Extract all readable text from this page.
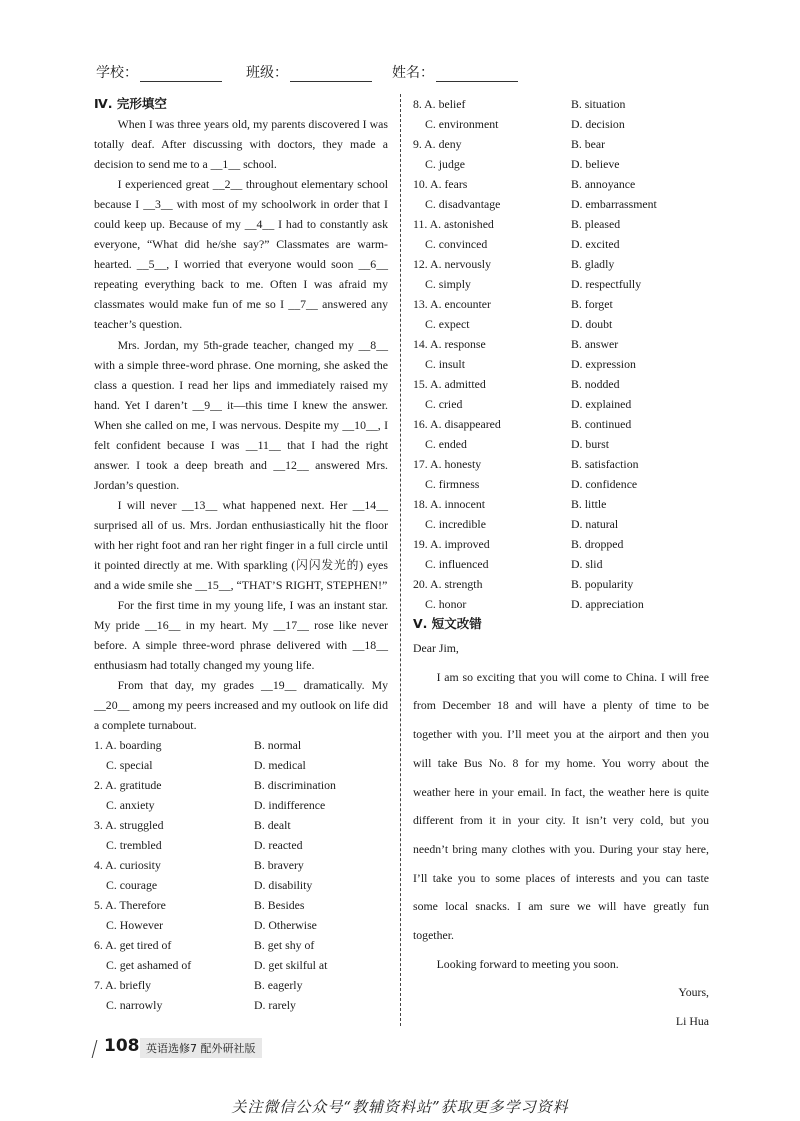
学校：	班级：	姓名：
Ⅳ. 完形填空

When I was three years old, my parents discovered I was totally deaf. After discussing with doctors, they made a decision to send me to a __1__ school.

I experienced great __2__ throughout elementary school because I __3__ with most of my schoolwork in order that I could keep up. Because of my __4__ I had to constantly ask everyone, “What did he/she say?” Classmates are warm-hearted. __5__, I worried that everyone would soon __6__ repeating everything back to me. Often I was afraid my classmates would make fun of me so I __7__ answered any teacher’s question.

Mrs. Jordan, my 5th-grade teacher, changed my __8__ with a simple three-word phrase. One morning, she asked the class a question. I read her lips and immediately raised my hand. Yet I daren’t __9__ it—this time I knew the answer. When she called on me, I was nervous. Despite my __10__, I felt confident because I was __11__ that I had the right answer. I took a deep breath and __12__ answered Mrs. Jordan’s question.

I will never __13__ what happened next. Her __14__ surprised all of us. Mrs. Jordan enthusiastically hit the floor with her right foot and ran her right finger in a full circle until it pointed directly at me. With sparkling (闪闪发光的) eyes and a wide smile she __15__, “THAT’S RIGHT, STEPHEN!”

For the first time in my young life, I was an instant star. My pride __16__ in my heart. My __17__ rose like never before. A simple three-word phrase delivered with __18__ enthusiasm had totally changed my young life.

From that day, my grades __19__ dramatically. My __20__ among my peers increased and my outlook on life did a complete turnabout.

1. A. boarding	B. normal
C. special	D. medical
2. A. gratitude	B. discrimination
C. anxiety	D. indifference
3. A. struggled	B. dealt
C. trembled	D. reacted
4. A. curiosity	B. bravery
C. courage	D. disability
5. A. Therefore	B. Besides
C. However	D. Otherwise
6. A. get tired of	B. get shy of
C. get ashamed of	D. get skilful at
7. A. briefly	B. eagerly
C. narrowly	D. rarely
8. A. belief	B. situation
C. environment	D. decision
9. A. deny	B. bear
C. judge	D. believe
10. A. fears	B. annoyance
C. disadvantage	D. embarrassment
11. A. astonished	B. pleased
C. convinced	D. excited
12. A. nervously	B. gladly
C. simply	D. respectfully
13. A. encounter	B. forget
C. expect	D. doubt
14. A. response	B. answer
C. insult	D. expression
15. A. admitted	B. nodded
C. cried	D. explained
16. A. disappeared	B. continued
C. ended	D. burst
17. A. honesty	B. satisfaction
C. firmness	D. confidence
18. A. innocent	B. little
C. incredible	D. natural
19. A. improved	B. dropped
C. influenced	D. slid
20. A. strength	B. popularity
C. honor	D. appreciation
Ⅴ. 短文改错

Dear Jim,

I am so exciting that you will come to China. I will free from December 18 and will have a plenty of time to be together with you. I’ll meet you at the airport and then you will take Bus No. 8 for my home. You worry about the weather here in your email. In fact, the weather here is quite different from it in your city. It isn’t very cold, but you needn’t bring many clothes with you. During your stay here, I’ll take you to some places of interests and you can taste some local snacks. I am sure we will have greatly fun together.

Looking forward to meeting you soon.

Yours,

Li Hua

108 英语选修7 配外研社版
关注微信公众号“教辅资料站”获取更多学习资料
